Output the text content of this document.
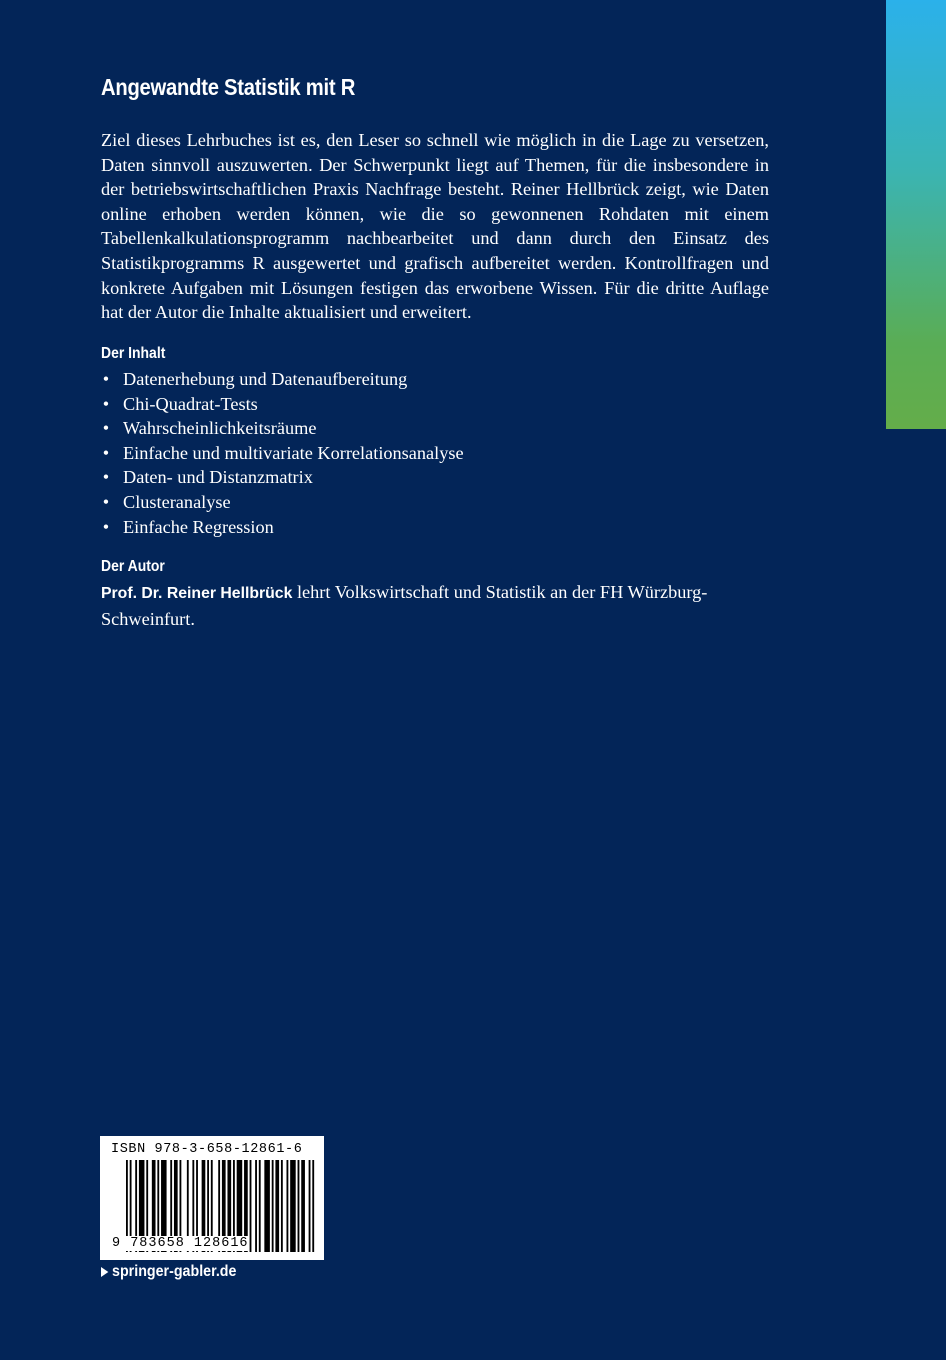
Angewandte Statistik mit R

Ziel dieses Lehrbuches ist es, den Leser so schnell wie möglich in die Lage zu versetzen, Daten sinnvoll auszuwerten. Der Schwerpunkt liegt auf Themen, für die insbesondere in der betriebswirtschaftlichen Praxis Nachfrage besteht. Reiner Hellbrück zeigt, wie Daten online erhoben werden können, wie die so gewonnenen Rohdaten mit einem Tabellenkalkulationsprogramm nachbearbeitet und dann durch den Einsatz des Statistikprogramms R ausgewertet und grafisch aufbereitet werden. Kontrollfragen und konkrete Aufgaben mit Lösungen festigen das erworbene Wissen. Für die dritte Auflage hat der Autor die Inhalte aktualisiert und erweitert.

Der Inhalt
• Datenerhebung und Datenaufbereitung
• Chi-Quadrat-Tests
• Wahrscheinlichkeitsräume
• Einfache und multivariate Korrelationsanalyse
• Daten- und Distanzmatrix
• Clusteranalyse
• Einfache Regression
Der Autor

Prof. Dr. Reiner Hellbrück lehrt Volkswirtschaft und Statistik an der FH Würzburg-Schweinfurt.

ISBN 978-3-658-12861-6
9 783658 128616
springer-gabler.de
